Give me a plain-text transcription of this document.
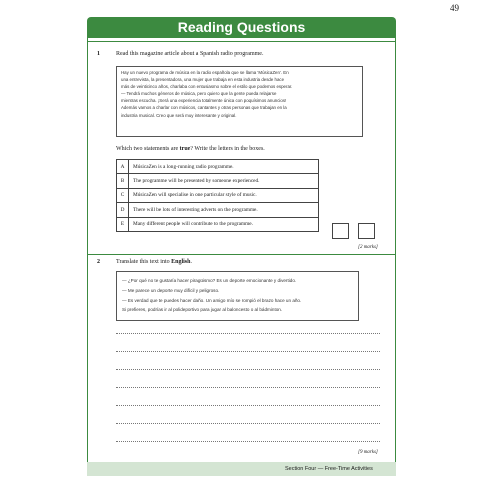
49
Reading Questions
1	Read this magazine article about a Spanish radio programme.
Hay un nuevo programa de música en la radio española que se llama ‘MúsicaZen’. En
una entrevista, la presentadora, una mujer que trabaja en esta industria desde hace
más de veinticinco años, charlaba con entusiasmo sobre el estilo que podemos esperar.
— Tendrá muchos géneros de música, pero quiero que la gente pueda relajarse
mientras escucha. ¡Será una experiencia totalmente única con poquísimos anuncios!
Además vamos a charlar con músicos, cantantes y otras personas que trabajan en la
industria musical. Creo que será muy interesante y original.
Which two statements are true? Write the letters in the boxes.
A	MúsicaZen is a long-running radio programme.
B	The programme will be presented by someone experienced.
C	MúsicaZen will specialise in one particular style of music.
D	There will be lots of interesting adverts on the programme.
E	Many different people will contribute to the programme.
[2 marks]
2	Translate this text into English.
— ¿Por qué no te gustaría hacer piragüismo? Es un deporte emocionante y divertido.
— Me parece un deporte muy difícil y peligroso.
— Es verdad que te puedes hacer daño. Un amigo mío se rompió el brazo hace un año.
Si prefieres, podrías ir al polideportivo para jugar al baloncesto o al bádminton.
[9 marks]
Section Four — Free-Time Activities
